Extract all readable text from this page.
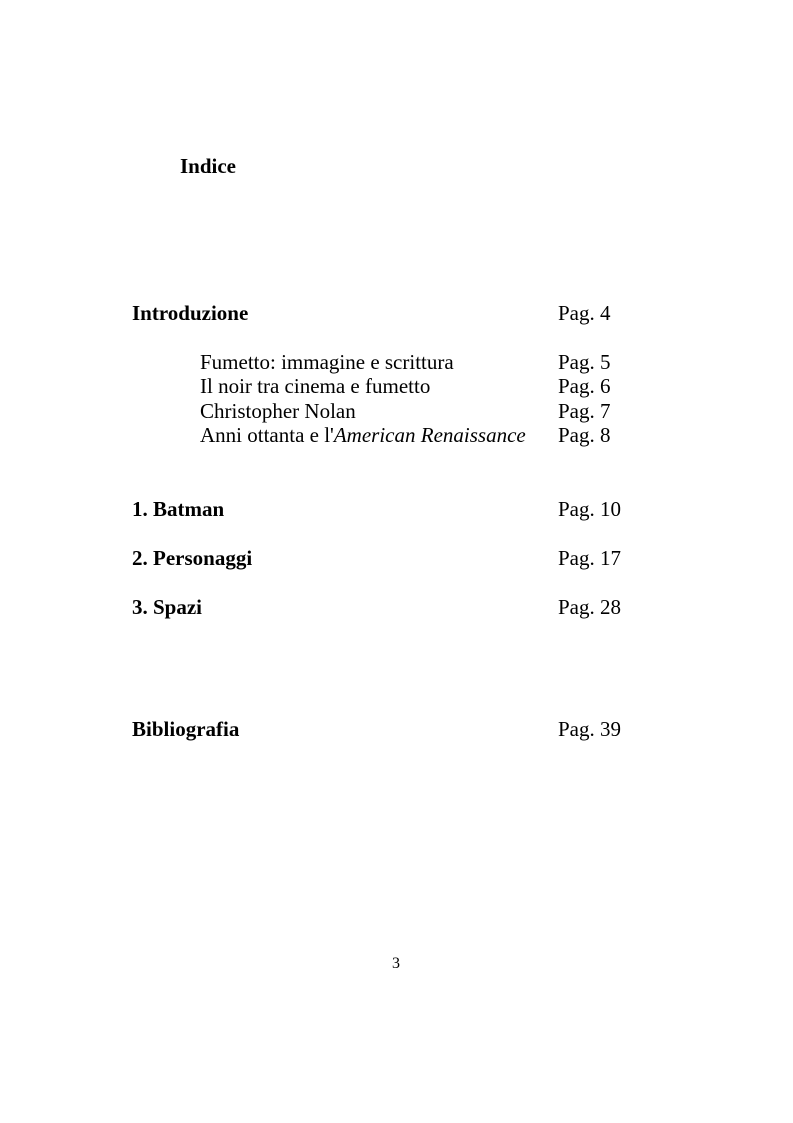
Indice
Introduzione	Pag. 4
Fumetto: immagine e scrittura	Pag. 5
Il noir tra cinema e fumetto	Pag. 6
Christopher Nolan	Pag. 7
Anni ottanta e l'American Renaissance Pag. 8
1. Batman	Pag. 10
2. Personaggi	Pag. 17
3. Spazi	Pag. 28
Bibliografia	Pag. 39
3
